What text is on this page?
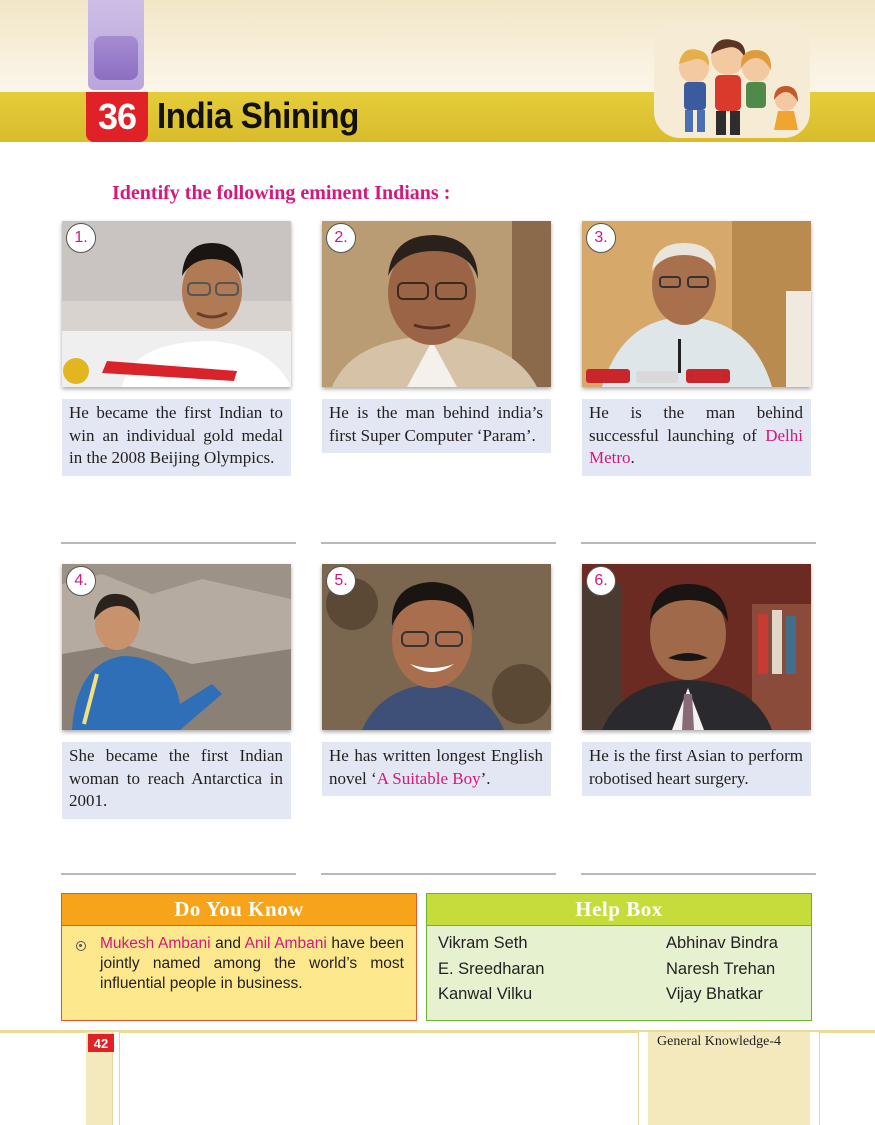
36 India Shining
Identify the following eminent Indians :
1.
He became the first Indian to win an individual gold medal in the 2008 Beijing Olympics.
2.
He is the man behind india’s first Super Computer ‘Param’.
3.
He is the man behind successful launching of Delhi Metro.
4.
She became the first Indian woman to reach Antarctica in 2001.
5.
He has written longest English novel ‘A Suitable Boy’.
6.
He is the first Asian to perform robotised heart surgery.
Do You Know
Mukesh Ambani and Anil Ambani have been jointly named among the world’s most influential people in business.
Help Box
Vikram Seth	Abhinav Bindra
E. Sreedharan	Naresh Trehan
Kanwal Vilku	Vijay Bhatkar
42	General Knowledge-4
